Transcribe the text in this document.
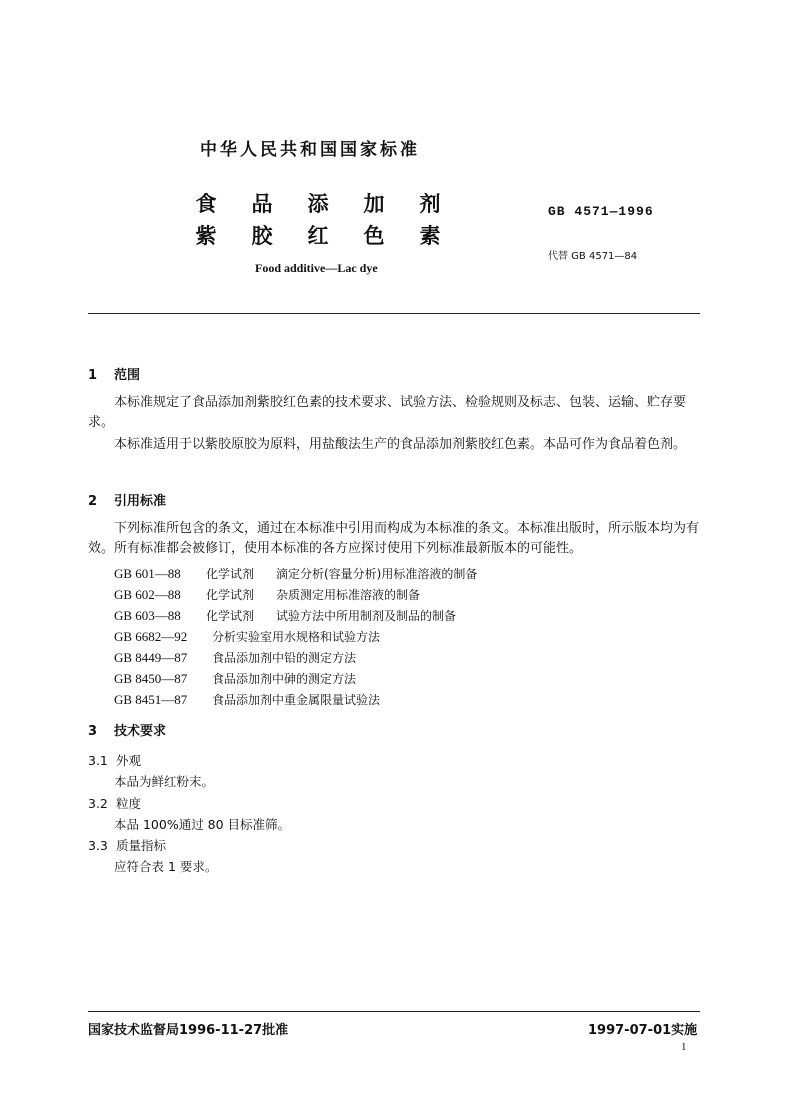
中华人民共和国国家标准
食 品 添 加 剂
紫 胶 红 色 素
Food additive—Lac dye
GB 4571—1996
代替 GB 4571—84
1 范围
本标准规定了食品添加剂紫胶红色素的技术要求、试验方法、检验规则及标志、包装、运输、贮存要求。
本标准适用于以紫胶原胶为原料，用盐酸法生产的食品添加剂紫胶红色素。本品可作为食品着色剂。
2 引用标准
下列标准所包含的条文，通过在本标准中引用而构成为本标准的条文。本标准出版时，所示版本均为有效。所有标准都会被修订，使用本标准的各方应探讨使用下列标准最新版本的可能性。
GB 601—88 化学试剂 滴定分析(容量分析)用标准溶液的制备
GB 602—88 化学试剂 杂质测定用标准溶液的制备
GB 603—88 化学试剂 试验方法中所用制剂及制品的制备
GB 6682—92 分析实验室用水规格和试验方法
GB 8449—87 食品添加剂中铅的测定方法
GB 8450—87 食品添加剂中砷的测定方法
GB 8451—87 食品添加剂中重金属限量试验法
3 技术要求
3.1 外观
本品为鲜红粉末。
3.2 粒度
本品 100%通过 80 目标准筛。
3.3 质量指标
应符合表 1 要求。
国家技术监督局1996-11-27批准	1997-07-01实施
1
